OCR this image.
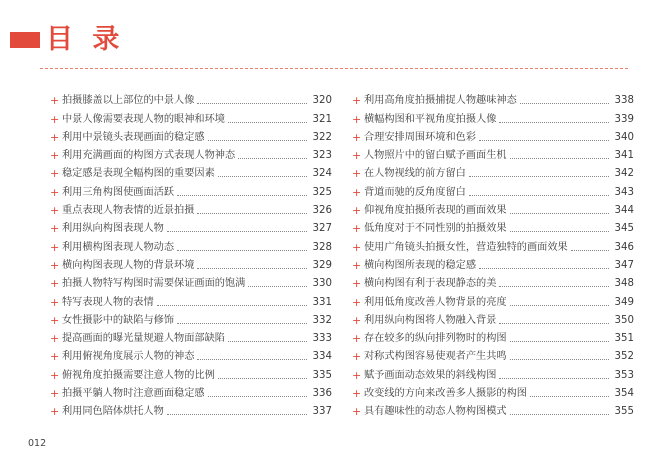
目 录
+ 拍摄膝盖以上部位的中景人像	320
+ 中景人像需要表现人物的眼神和环境	321
+ 利用中景镜头表现画面的稳定感	322
+ 利用充满画面的构图方式表现人物神态	323
+ 稳定感是表现全幅构图的重要因素	324
+ 利用三角构图使画面活跃	325
+ 重点表现人物表情的近景拍摄	326
+ 利用纵向构图表现人物	327
+ 利用横构图表现人物动态	328
+ 横向构图表现人物的背景环境	329
+ 拍摄人物特写构图时需要保证画面的饱满	330
+ 特写表现人物的表情	331
+ 女性摄影中的缺陷与修饰	332
+ 提高画面的曝光量规避人物面部缺陷	333
+ 利用俯视角度展示人物的神态	334
+ 俯视角度拍摄需要注意人物的比例	335
+ 拍摄平躺人物时注意画面稳定感	336
+ 利用同色陪体烘托人物	337
+ 利用高角度拍摄捕捉人物趣味神态	338
+ 横幅构图和平视角度拍摄人像	339
+ 合理安排周围环境和色彩	340
+ 人物照片中的留白赋予画面生机	341
+ 在人物视线的前方留白	342
+ 背道而驰的反角度留白	343
+ 仰视角度拍摄所表现的画面效果	344
+ 低角度对于不同性别的拍摄效果	345
+ 使用广角镜头拍摄女性，营造独特的画面效果	346
+ 横向构图所表现的稳定感	347
+ 横向构图有利于表现静态的美	348
+ 利用低角度改善人物背景的亮度	349
+ 利用纵向构图将人物融入背景	350
+ 存在较多的纵向排列物时的构图	351
+ 对称式构图容易使观者产生共鸣	352
+ 赋予画面动态效果的斜线构图	353
+ 改变线的方向来改善多人摄影的构图	354
+ 具有趣味性的动态人物构图模式	355
012
